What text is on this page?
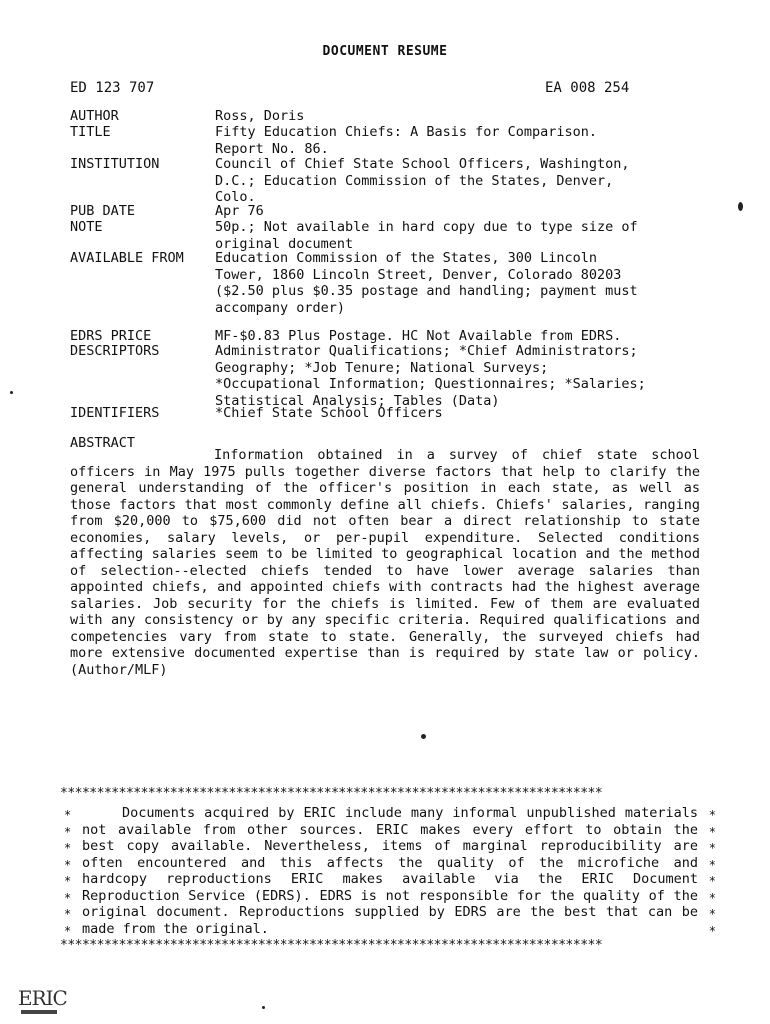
DOCUMENT RESUME
ED 123 707	EA 008 254
AUTHOR	Ross, Doris
TITLE	Fifty Education Chiefs: A Basis for Comparison.
Report No. 86.
INSTITUTION	Council of Chief State School Officers, Washington,
D.C.; Education Commission of the States, Denver,
Colo.
PUB DATE	Apr 76
NOTE	50p.; Not available in hard copy due to type size of
original document
AVAILABLE FROM	Education Commission of the States, 300 Lincoln
Tower, 1860 Lincoln Street, Denver, Colorado 80203
($2.50 plus $0.35 postage and handling; payment must
accompany order)
EDRS PRICE	MF-$0.83 Plus Postage. HC Not Available from EDRS.
DESCRIPTORS	Administrator Qualifications; *Chief Administrators;
Geography; *Job Tenure; National Surveys;
*Occupational Information; Questionnaires; *Salaries;
Statistical Analysis; Tables (Data)
IDENTIFIERS	*Chief State School Officers
ABSTRACT
Information obtained in a survey of chief state school officers in May 1975 pulls together diverse factors that help to clarify the general understanding of the officer's position in each state, as well as those factors that most commonly define all chiefs. Chiefs' salaries, ranging from $20,000 to $75,600 did not often bear a direct relationship to state economies, salary levels, or per-pupil expenditure. Selected conditions affecting salaries seem to be limited to geographical location and the method of selection--elected chiefs tended to have lower average salaries than appointed chiefs, and appointed chiefs with contracts had the highest average salaries. Job security for the chiefs is limited. Few of them are evaluated with any consistency or by any specific criteria. Required qualifications and competencies vary from state to state. Generally, the surveyed chiefs had more extensive documented expertise than is required by state law or policy. (Author/MLF)
**************************************************************************
*
*
*
*
*
*
*
*
*
*
*
*
*
*
*
*
Documents acquired by ERIC include many informal unpublished materials not available from other sources. ERIC makes every effort to obtain the best copy available. Nevertheless, items of marginal reproducibility are often encountered and this affects the quality of the microfiche and hardcopy reproductions ERIC makes available via the ERIC Document Reproduction Service (EDRS). EDRS is not responsible for the quality of the original document. Reproductions supplied by EDRS are the best that can be made from the original.
**************************************************************************
ERIC
